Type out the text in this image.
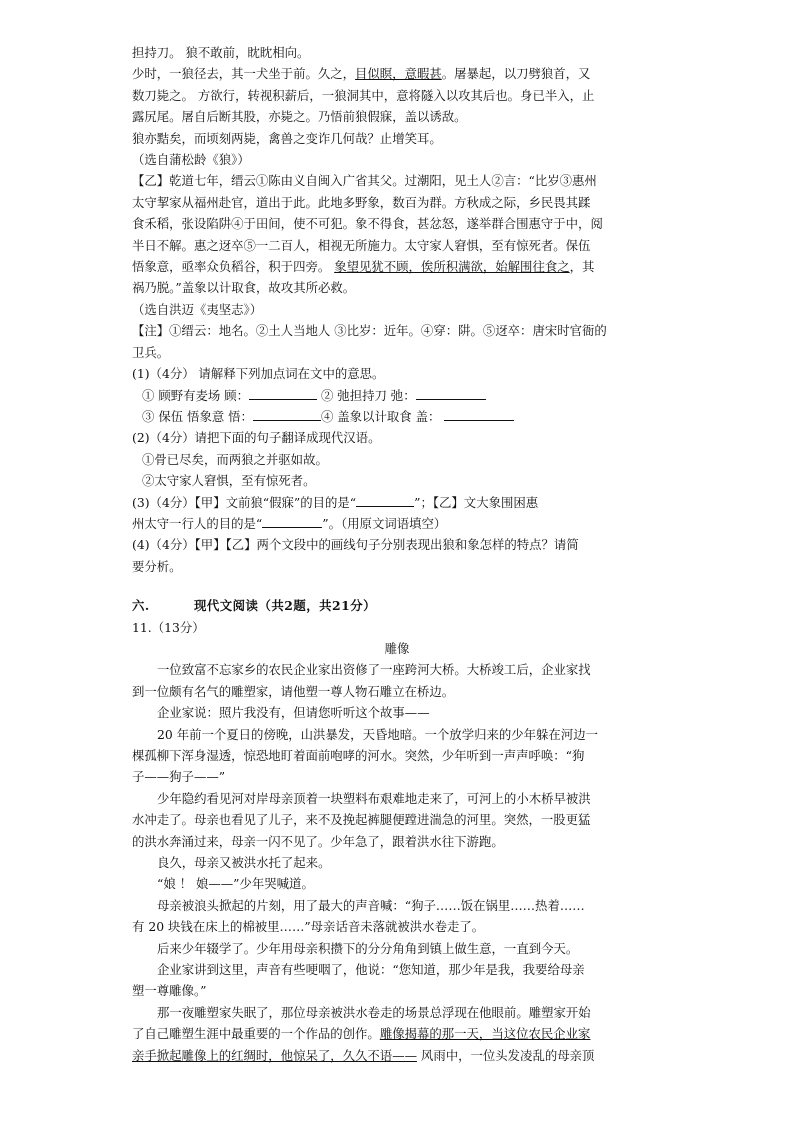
担持刀。 狼不敢前，眈眈相向。

少时，一狼径去，其一犬坐于前。久之，目似瞑，意暇甚。屠暴起，以刀劈狼首，又

数刀毙之。 方欲行，转视积薪后，一狼洞其中，意将隧入以攻其后也。身已半入，止

露尻尾。屠自后断其股，亦毙之。乃悟前狼假寐，盖以诱敌。

狼亦黠矣，而顷刻两毙，禽兽之变诈几何哉？止增笑耳。

（选自蒲松龄《狼》）

【乙】乾道七年，缙云①陈由义自闽入广省其父。过潮阳，见土人②言：“比岁③惠州

太守挈家从福州赴官，道出于此。此地多野象，数百为群。方秋成之际，乡民畏其蹂

食禾稻，张设陷阱④于田间，使不可犯。象不得食，甚忿怒，遂举群合围惠守于中，阅

半日不解。惠之迓卒⑤一二百人，相视无所施力。太守家人窘惧，至有惊死者。保伍

悟象意，亟率众负稻谷，积于四旁。 象望见犹不顾，俟所积满欲，始解围往食之，其

祸乃脱。”盖象以计取食，故攻其所必救。

（选自洪迈《夷坚志》）

【注】①缙云：地名。②土人当地人 ③比岁：近年。④穿：阱。⑤迓卒：唐宋时官衙的

卫兵。

(1)（4分） 请解释下列加点词在文中的意思。

① 顾野有麦场 顾：	② 弛担持刀 弛：

③ 保伍 悟象意 悟：	④ 盖象以计取食 盖：

(2)（4分）请把下面的句子翻译成现代汉语。

①骨已尽矣，而两狼之并驱如故。

②太守家人窘惧，至有惊死者。

(3)（4分）【甲】文前狼“假寐”的目的是“	”；【乙】文大象围困惠

州太守一行人的目的是“	”。（用原文词语填空）

(4)（4分）【甲】【乙】两个文段中的画线句子分别表现出狼和象怎样的特点？请简

要分析。

六.	现代文阅读（共2题，共21分）

11.（13分）

雕像

一位致富不忘家乡的农民企业家出资修了一座跨河大桥。大桥竣工后，企业家找

到一位颇有名气的雕塑家，请他塑一尊人物石雕立在桥边。

企业家说：照片我没有，但请您听听这个故事——

20 年前一个夏日的傍晚，山洪暴发，天昏地暗。一个放学归来的少年躲在河边一

棵孤柳下浑身湿透，惊恐地盯着面前咆哮的河水。突然，少年听到一声声呼唤：“狗

子——狗子——”

少年隐约看见河对岸母亲顶着一块塑料布艰难地走来了，可河上的小木桥早被洪

水冲走了。母亲也看见了儿子，来不及挽起裤腿便蹚进湍急的河里。突然，一股更猛

的洪水奔涌过来，母亲一闪不见了。少年急了，跟着洪水往下游跑。

良久，母亲又被洪水托了起来。

“娘 ！ 娘——”少年哭喊道。

母亲被浪头掀起的片刻，用了最大的声音喊：“狗子……饭在锅里……热着……

有 20 块钱在床上的棉被里……”母亲话音未落就被洪水卷走了。

后来少年辍学了。少年用母亲积攒下的分分角角到镇上做生意，一直到今天。

企业家讲到这里，声音有些哽咽了，他说：“您知道，那少年是我，我要给母亲

塑一尊雕像。”

那一夜雕塑家失眠了，那位母亲被洪水卷走的场景总浮现在他眼前。雕塑家开始

了自己雕塑生涯中最重要的一个作品的创作。雕像揭幕的那一天，当这位农民企业家

亲手掀起雕像上的红绸时，他惊呆了，久久不语—— 风雨中，一位头发凌乱的母亲顶
